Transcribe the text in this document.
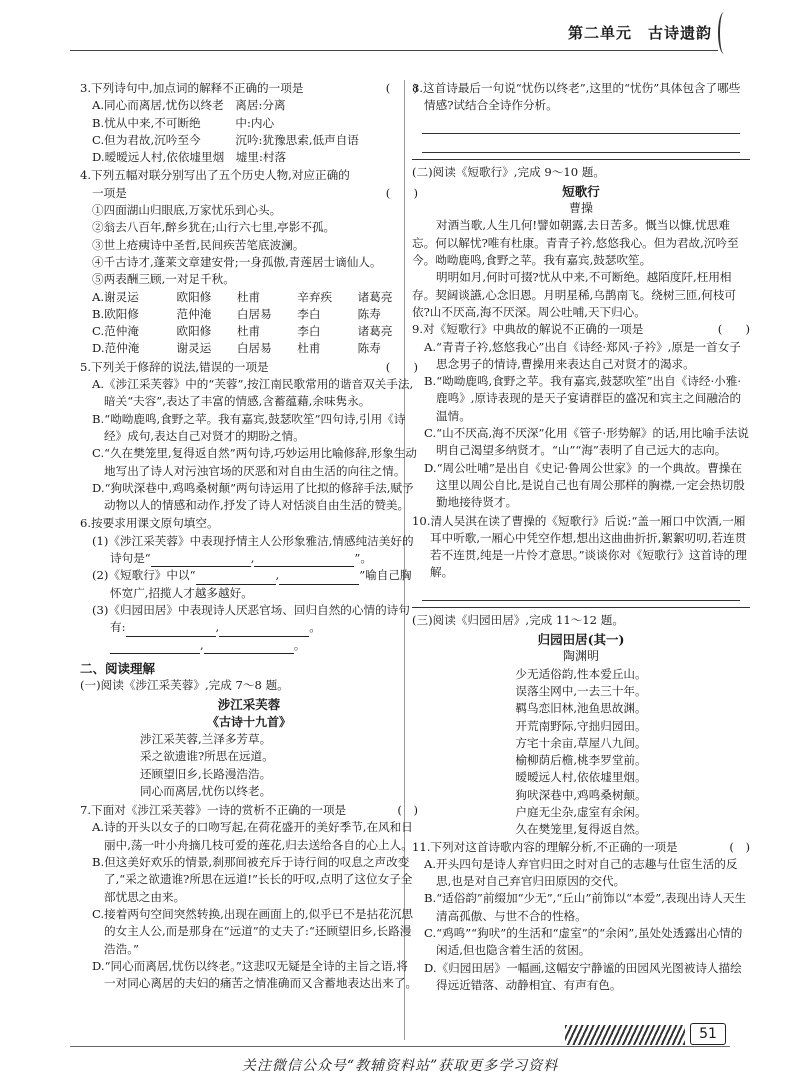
第二单元　古诗遗韵
3.下列诗句中,加点词的解释不正确的一项是	(　　)
A.同心而离居,忧伤以终老　离居:分离
B.忧从中来,不可断绝　　　中:内心
C.但为君故,沉吟至今　　　沉吟:犹豫思索,低声自语
D.暧暧远人村,依依墟里烟　墟里:村落
4.下列五幅对联分别写出了五个历史人物,对应正确的
一项是	(　　)
①四面湖山归眼底,万家忧乐到心头。
②翁去八百年,醉乡犹在;山行六七里,亭影不孤。
③世上疮痍诗中圣哲,民间疾苦笔底波澜。
④千古诗才,蓬莱文章建安骨;一身孤傲,青莲居士谪仙人。
⑤两表酬三顾,一对足千秋。
A.谢灵运	欧阳修	杜甫	辛弃疾	诸葛亮
B.欧阳修	范仲淹	白居易	李白	陈寿
C.范仲淹	欧阳修	杜甫	李白	诸葛亮
D.范仲淹	谢灵运	白居易	杜甫	陈寿
5.下列关于修辞的说法,错误的一项是	(　　)
A.《涉江采芙蓉》中的“芙蓉”,按江南民歌常用的谐音双关手法,暗关“夫容”,表达了丰富的情感,含蓄蕴藉,余味隽永。
B.“呦呦鹿鸣,食野之苹。我有嘉宾,鼓瑟吹笙”四句诗,引用《诗经》成句,表达自己对贤才的期盼之情。
C.“久在樊笼里,复得返自然”两句诗,巧妙运用比喻修辞,形象生动地写出了诗人对污浊官场的厌恶和对自由生活的向往之情。
D.“狗吠深巷中,鸡鸣桑树颠”两句诗运用了比拟的修辞手法,赋予动物以人的情感和动作,抒发了诗人对恬淡自由生活的赞美。
6.按要求用课文原句填空。
(1)《涉江采芙蓉》中表现抒情主人公形象雅洁,情感纯洁美好的诗句是“	,	”。
(2)《短歌行》中以“	,	”喻自己胸怀宽广,招揽人才越多越好。
(3)《归园田居》中表现诗人厌恶官场、回归自然的心情的诗句有:	,	。
,	。
二、阅读理解
(一)阅读《涉江采芙蓉》,完成 7～8 题。
涉江采芙蓉
《古诗十九首》
涉江采芙蓉,兰泽多芳草。
采之欲遗谁?所思在远道。
还顾望旧乡,长路漫浩浩。
同心而离居,忧伤以终老。
7.下面对《涉江采芙蓉》一诗的赏析不正确的一项是	(　)
A.诗的开头以女子的口吻写起,在荷花盛开的美好季节,在风和日丽中,荡一叶小舟摘几枝可爱的莲花,归去送给各自的心上人。
B.但这美好欢乐的情景,刹那间被充斥于诗行间的叹息之声改变了,“采之欲遗谁?所思在远道!”长长的吁叹,点明了这位女子全部忧思之由来。
C.接着两句空间突然转换,出现在画面上的,似乎已不是拈花沉思的女主人公,而是那身在“远道”的丈夫了:“还顾望旧乡,长路漫浩浩。”
D.“同心而离居,忧伤以终老。”这悲叹无疑是全诗的主旨之语,将一对同心离居的夫妇的痛苦之情准确而又含蓄地表达出来了。
8.这首诗最后一句说“忧伤以终老”,这里的“忧伤”具体包含了哪些情感?试结合全诗作分析。
(二)阅读《短歌行》,完成 9～10 题。
短歌行
曹操
对酒当歌,人生几何!譬如朝露,去日苦多。慨当以慷,忧思难忘。何以解忧?唯有杜康。青青子衿,悠悠我心。但为君故,沉吟至今。呦呦鹿鸣,食野之苹。我有嘉宾,鼓瑟吹笙。
明明如月,何时可掇?忧从中来,不可断绝。越陌度阡,枉用相存。契阔谈讌,心念旧恩。月明星稀,乌鹊南飞。绕树三匝,何枝可依?山不厌高,海不厌深。周公吐哺,天下归心。
9.对《短歌行》中典故的解说不正确的一项是	(　　)
A.“青青子衿,悠悠我心”出自《诗经·郑风·子衿》,原是一首女子思念男子的情诗,曹操用来表达自己对贤才的渴求。
B.“呦呦鹿鸣,食野之苹。我有嘉宾,鼓瑟吹笙”出自《诗经·小雅·鹿鸣》,原诗表现的是天子宴请群臣的盛况和宾主之间融洽的温情。
C.“山不厌高,海不厌深”化用《管子·形势解》的话,用比喻手法说明自己渴望多纳贤才。“山”“海”表明了自己远大的志向。
D.“周公吐哺”是出自《史记·鲁周公世家》的一个典故。曹操在这里以周公自比,是说自己也有周公那样的胸襟,一定会热切殷勤地接待贤才。
10.清人吴淇在读了曹操的《短歌行》后说:“盖一厢口中饮酒,一厢耳中听歌,一厢心中凭空作想,想出这曲曲折折,絮絮叨叨,若连贯若不连贯,纯是一片怜才意思。”谈谈你对《短歌行》这首诗的理解。
(三)阅读《归园田居》,完成 11～12 题。
归园田居(其一)
陶渊明
少无适俗韵,性本爱丘山。
误落尘网中,一去三十年。
羁鸟恋旧林,池鱼思故渊。
开荒南野际,守拙归园田。
方宅十余亩,草屋八九间。
榆柳荫后檐,桃李罗堂前。
暧暧远人村,依依墟里烟。
狗吠深巷中,鸡鸣桑树颠。
户庭无尘杂,虚室有余闲。
久在樊笼里,复得返自然。
11.下列对这首诗歌内容的理解分析,不正确的一项是	(　)
A.开头四句是诗人弃官归田之时对自己的志趣与仕宦生活的反思,也是对自己弃官归田原因的交代。
B.“适俗韵”前缀加“少无”,“丘山”前饰以“本爱”,表现出诗人天生清高孤傲、与世不合的性格。
C.“鸡鸣”“狗吠”的生活和“虚室”的“余闲”,虽处处透露出心情的闲适,但也隐含着生活的贫困。
D.《归园田居》一幅画,这幅安宁静谧的田园风光图被诗人描绘得远近错落、动静相宜、有声有色。
51
关注微信公众号“教辅资料站”获取更多学习资料
